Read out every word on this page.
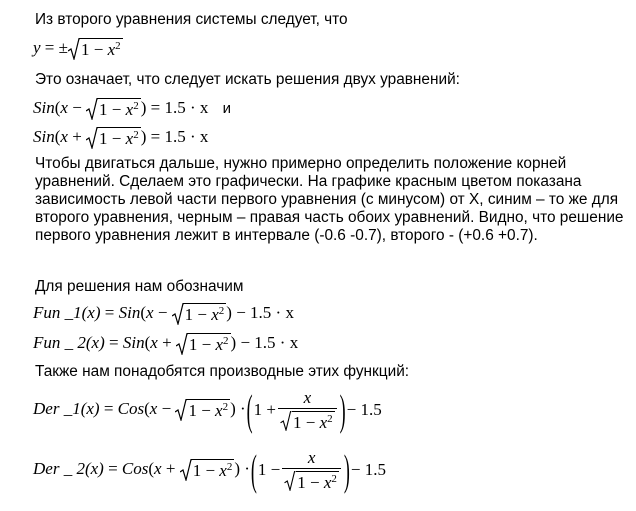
Из второго уравнения системы следует, что

y = ± $1 - x^2$

Это означает, что следует искать решения двух уравнений:

$Sin(x - 1 - x^2$ ) = 1.5 · x и
$Sin(x + 1 - x^2$ ) = 1.5 · x

Чтобы двигаться дальше, нужно примерно определить положение корней уравнений. Сделаем это графически. На графике красным цветом показана зависимость левой части первого уравнения (с минусом) от X, синим – то же для второго уравнения, черным – правая часть обоих уравнений. Видно, что решение первого уравнения лежит в интервале (-0.6 -0.7), второго - (+0.6 +0.7).

Для решения нам обозначим

Fun _1(x) = $Sin(x - 1 - x^2$ ) − 1.5 · x
Fun _ $2(x) = Sin(x + 1 - x^2$ ) − 1.5 · x

Также нам понадобятся производные этих функций:

Der _1(x) = $Cos(x - 1 - x^2$ ) · ( 1
+ $\frac{x}{1 - x^2}$ ) − 1.5
Der _ $2(x) = Cos(x + 1 - x^2$ ) · ( 1
− $\frac{x}{1 - x^2}$ ) − 1.5
